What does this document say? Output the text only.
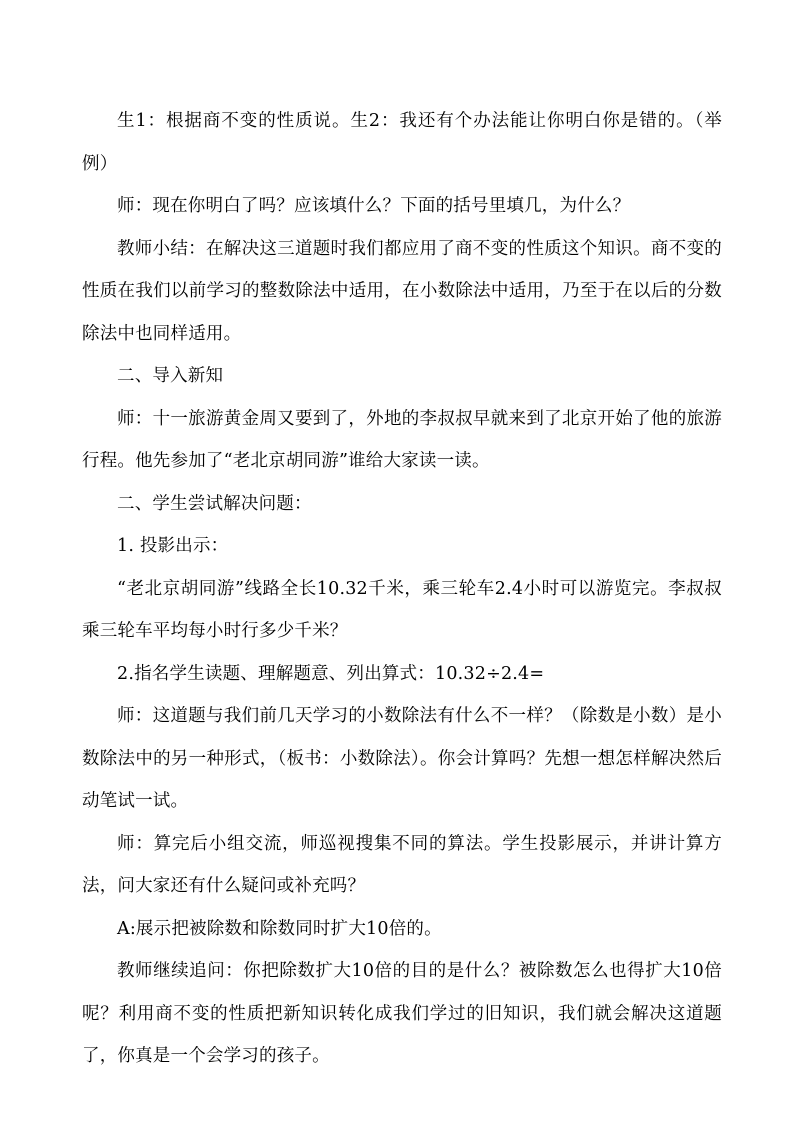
生1：根据商不变的性质说。生2：我还有个办法能让你明白你是错的。（举例）

师：现在你明白了吗？应该填什么？下面的括号里填几，为什么？

教师小结：在解决这三道题时我们都应用了商不变的性质这个知识。商不变的性质在我们以前学习的整数除法中适用，在小数除法中适用，乃至于在以后的分数除法中也同样适用。

二、导入新知

师：十一旅游黄金周又要到了，外地的李叔叔早就来到了北京开始了他的旅游行程。他先参加了“老北京胡同游”谁给大家读一读。

二、学生尝试解决问题：

1. 投影出示：

“老北京胡同游”线路全长10.32千米，乘三轮车2.4小时可以游览完。李叔叔乘三轮车平均每小时行多少千米？

2.指名学生读题、理解题意、列出算式：10.32÷2.4=

师：这道题与我们前几天学习的小数除法有什么不一样？（除数是小数）是小数除法中的另一种形式，（板书：小数除法）。你会计算吗？先想一想怎样解决然后动笔试一试。

师：算完后小组交流，师巡视搜集不同的算法。学生投影展示，并讲计算方法，问大家还有什么疑问或补充吗？

A:展示把被除数和除数同时扩大10倍的。

教师继续追问：你把除数扩大10倍的目的是什么？被除数怎么也得扩大10倍呢？利用商不变的性质把新知识转化成我们学过的旧知识，我们就会解决这道题了，你真是一个会学习的孩子。
